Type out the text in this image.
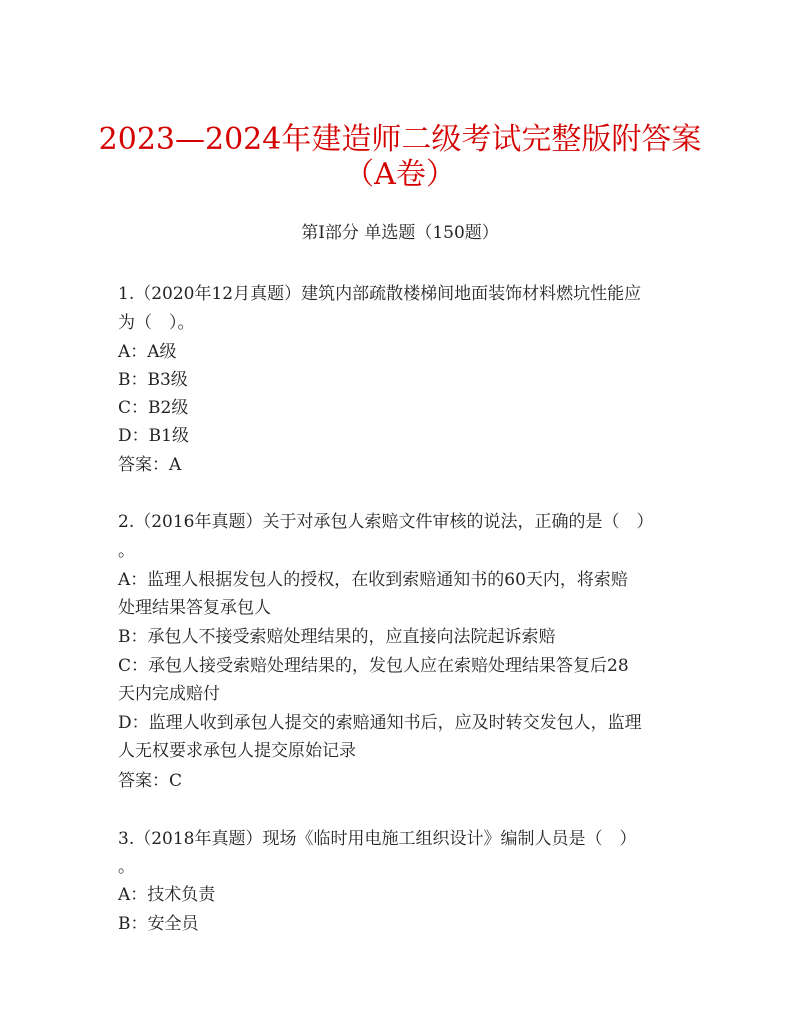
2023—2024年建造师二级考试完整版附答案
（A卷）
第I部分 单选题（150题）
1.（2020年12月真题）建筑内部疏散楼梯间地面装饰材料燃坑性能应
为（　）。
A：A级
B：B3级
C：B2级
D：B1级
答案：A
2.（2016年真题）关于对承包人索赔文件审核的说法，正确的是（　）
。
A：监理人根据发包人的授权，在收到索赔通知书的60天内，将索赔
处理结果答复承包人
B：承包人不接受索赔处理结果的，应直接向法院起诉索赔
C：承包人接受索赔处理结果的，发包人应在索赔处理结果答复后28
天内完成赔付
D：监理人收到承包人提交的索赔通知书后，应及时转交发包人，监理
人无权要求承包人提交原始记录
答案：C
3.（2018年真题）现场《临时用电施工组织设计》编制人员是（　）
。
A：技术负责
B：安全员
